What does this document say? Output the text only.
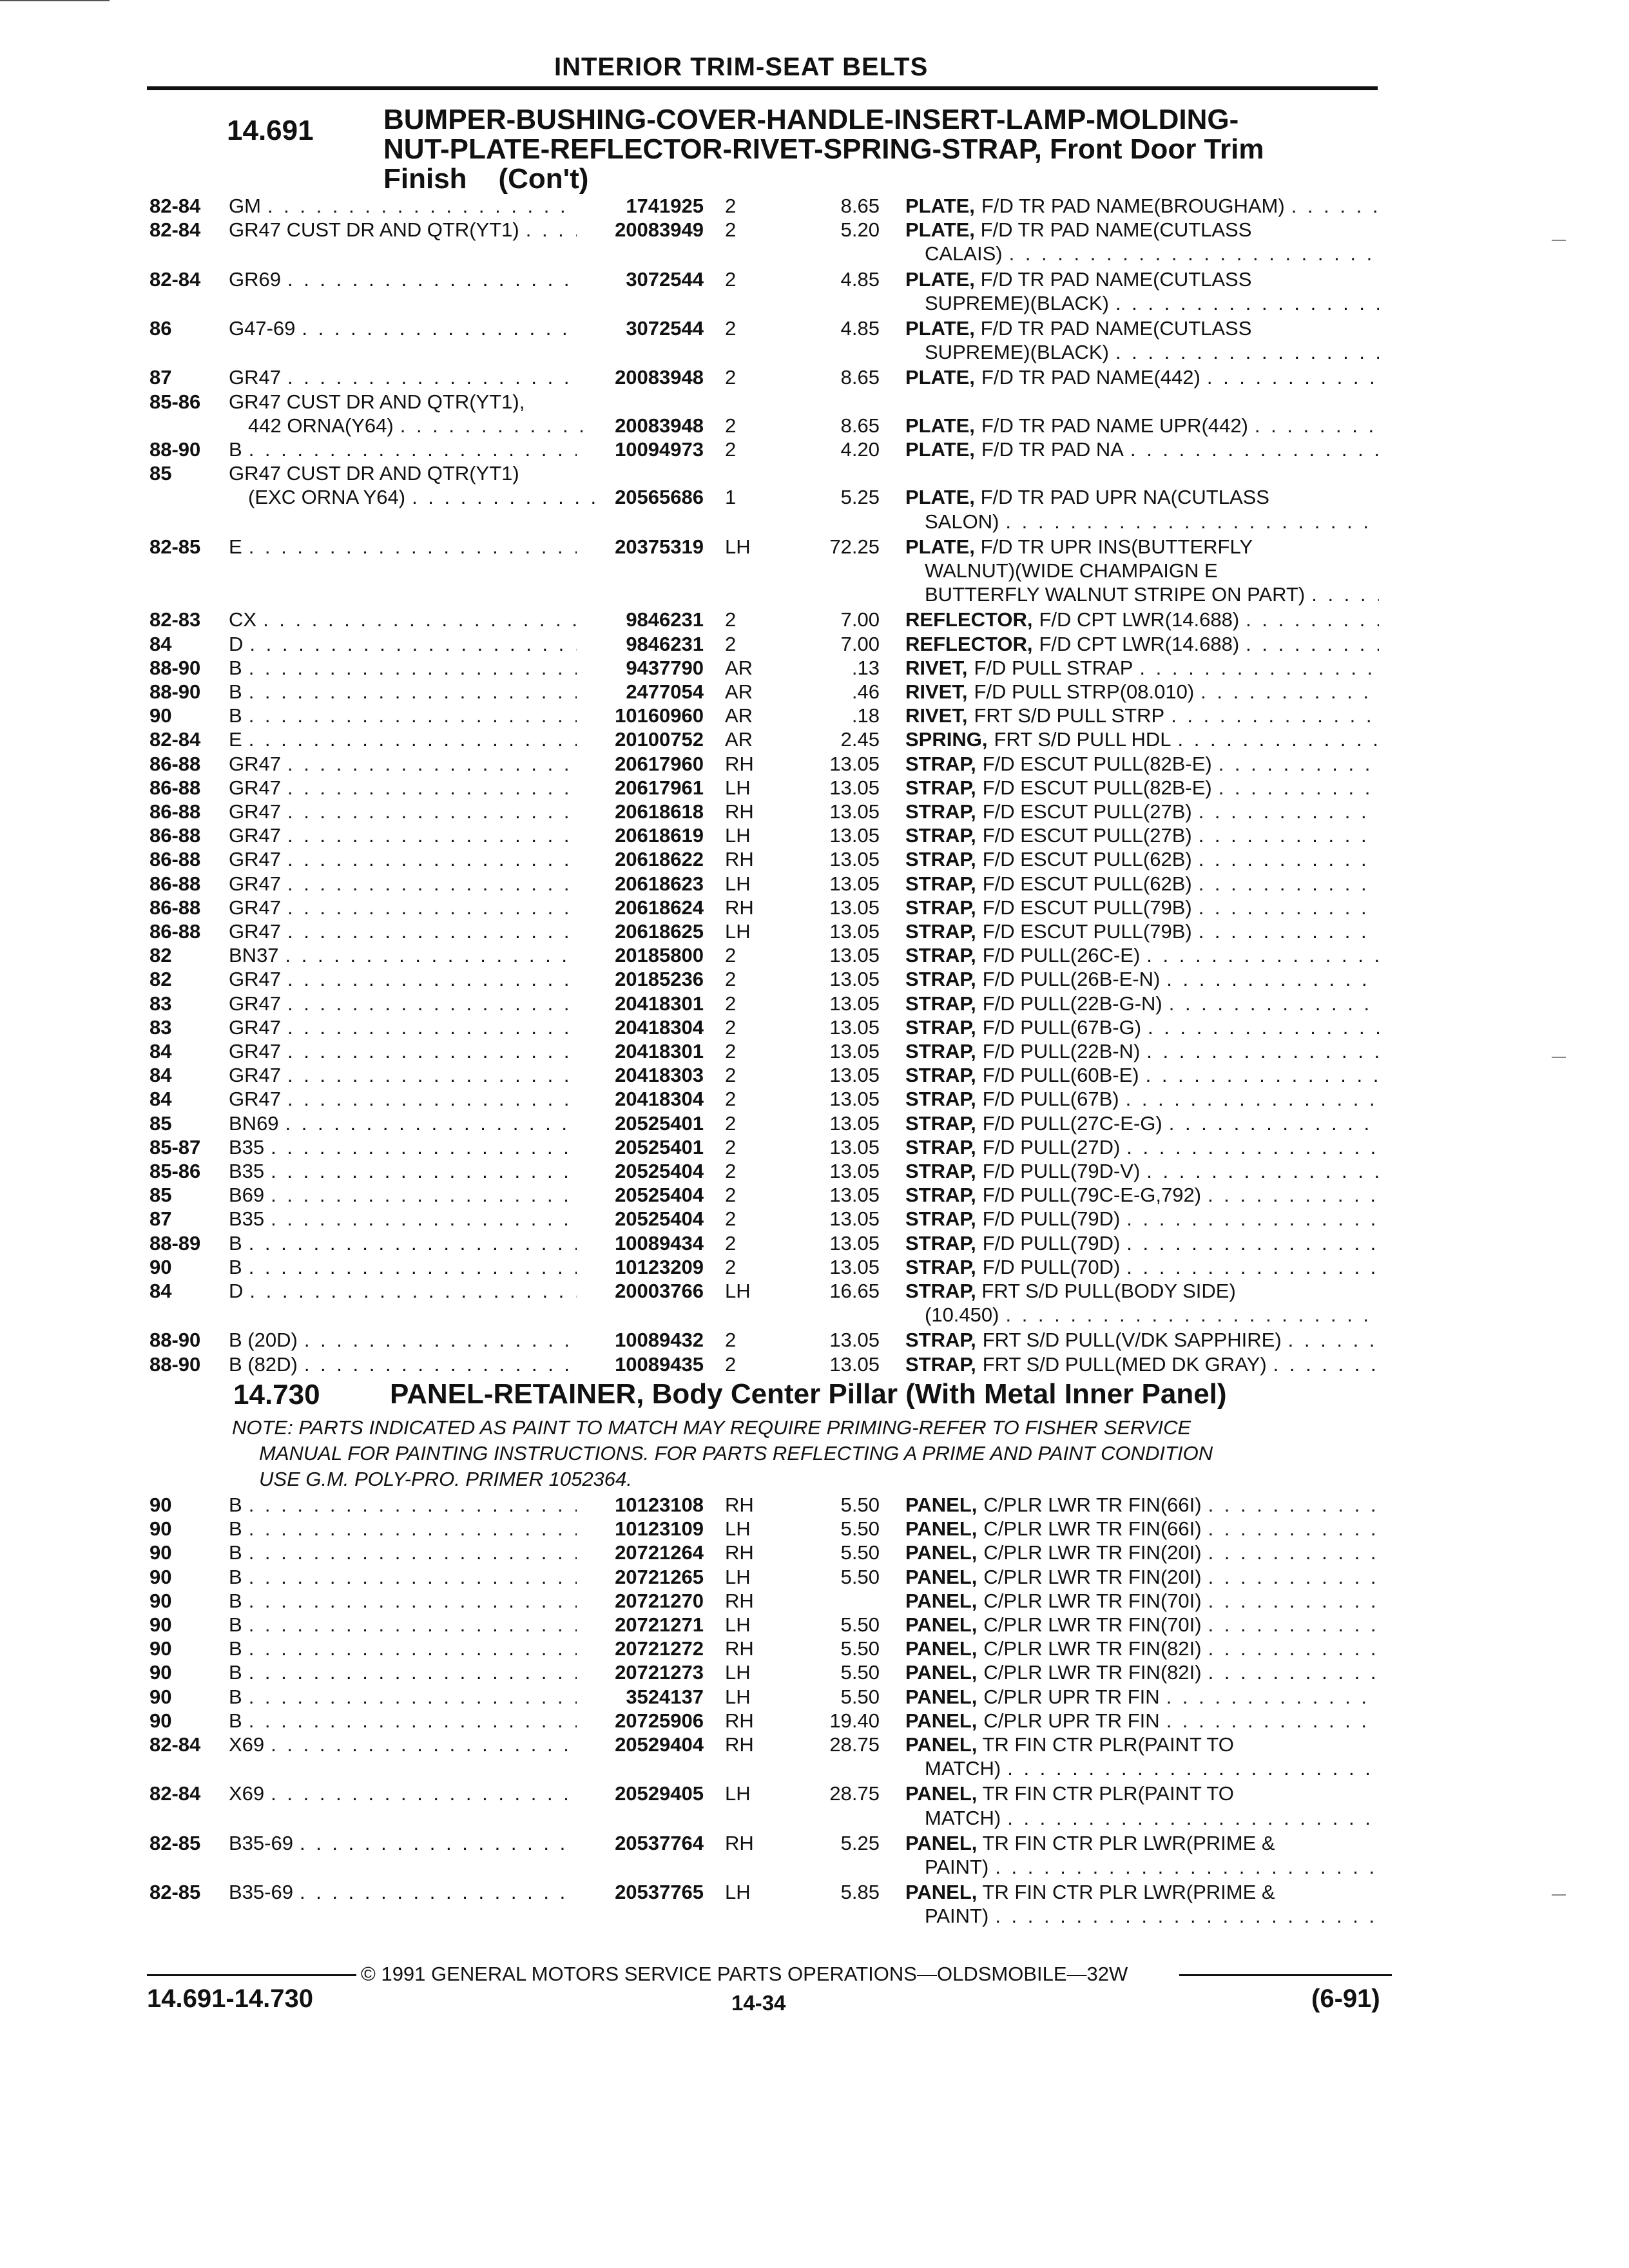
INTERIOR TRIM-SEAT BELTS
14.691 BUMPER-BUSHING-COVER-HANDLE-INSERT-LAMP-MOLDING-
NUT-PLATE-REFLECTOR-RIVET-SPRING-STRAP, Front Door Trim
Finish    (Con't)
82-84	GM . . .	1741925 2	8.65 PLATE, F/D TR PAD NAME(BROUGHAM)
. . .
82-84	GR47 CUST DR AND QTR(YT1) . . .	20083949 2	5.20 PLATE, F/D TR PAD NAME(CUTLASS
CALAIS)
. . .
82-84	GR69 . . .	3072544 2	4.85 PLATE, F/D TR PAD NAME(CUTLASS
SUPREME)(BLACK)
. . .
86	G47-69 . . .	3072544 2	4.85 PLATE, F/D TR PAD NAME(CUTLASS
SUPREME)(BLACK)
. . .
87	GR47 . . .	20083948 2	8.65 PLATE, F/D TR PAD NAME(442)
. . .
85-86	GR47 CUST DR AND QTR(YT1),
442 ORNA(Y64) . . .	20083948 2	8.65 PLATE, F/D TR PAD NAME UPR(442)
. . .
88-90	B . . .	10094973 2	4.20 PLATE, F/D TR PAD NA
. . .
85	GR47 CUST DR AND QTR(YT1)
(EXC ORNA Y64) . . .	20565686 1	5.25 PLATE, F/D TR PAD UPR NA(CUTLASS
SALON)
. . .
82-85	E . . .	20375319 LH	72.25 PLATE, F/D TR UPR INS(BUTTERFLY
WALNUT)(WIDE CHAMPAIGN E
BUTTERFLY WALNUT STRIPE ON PART)
. . .
82-83	CX . . .	9846231 2	7.00 REFLECTOR, F/D CPT LWR(14.688)
. . .
84	D . . .	9846231 2	7.00 REFLECTOR, F/D CPT LWR(14.688)
. . .
88-90	B . . .	9437790 AR	.13 RIVET, F/D PULL STRAP
. . .
88-90	B . . .	2477054 AR	.46 RIVET, F/D PULL STRP(08.010)
. . .
90	B . . .	10160960 AR	.18 RIVET, FRT S/D PULL STRP
. . .
82-84	E . . .	20100752 AR	2.45 SPRING, FRT S/D PULL HDL
. . .
86-88	GR47 . . .	20617960 RH	13.05 STRAP, F/D ESCUT PULL(82B-E)
. . .
86-88	GR47 . . .	20617961 LH	13.05 STRAP, F/D ESCUT PULL(82B-E)
. . .
86-88	GR47 . . .	20618618 RH	13.05 STRAP, F/D ESCUT PULL(27B)
. . .
86-88	GR47 . . .	20618619 LH	13.05 STRAP, F/D ESCUT PULL(27B)
. . .
86-88	GR47 . . .	20618622 RH	13.05 STRAP, F/D ESCUT PULL(62B)
. . .
86-88	GR47 . . .	20618623 LH	13.05 STRAP, F/D ESCUT PULL(62B)
. . .
86-88	GR47 . . .	20618624 RH	13.05 STRAP, F/D ESCUT PULL(79B)
. . .
86-88	GR47 . . .	20618625 LH	13.05 STRAP, F/D ESCUT PULL(79B)
. . .
82	BN37 . . .	20185800 2	13.05 STRAP, F/D PULL(26C-E)
. . .
82	GR47 . . .	20185236 2	13.05 STRAP, F/D PULL(26B-E-N)
. . .
83	GR47 . . .	20418301 2	13.05 STRAP, F/D PULL(22B-G-N)
. . .
83	GR47 . . .	20418304 2	13.05 STRAP, F/D PULL(67B-G)
. . .
84	GR47 . . .	20418301 2	13.05 STRAP, F/D PULL(22B-N)
. . .
84	GR47 . . .	20418303 2	13.05 STRAP, F/D PULL(60B-E)
. . .
84	GR47 . . .	20418304 2	13.05 STRAP, F/D PULL(67B)
. . .
85	BN69 . . .	20525401 2	13.05 STRAP, F/D PULL(27C-E-G)
. . .
85-87	B35 . . .	20525401 2	13.05 STRAP, F/D PULL(27D)
. . .
85-86	B35 . . .	20525404 2	13.05 STRAP, F/D PULL(79D-V)
. . .
85	B69 . . .	20525404 2	13.05 STRAP, F/D PULL(79C-E-G,792)
. . .
87	B35 . . .	20525404 2	13.05 STRAP, F/D PULL(79D)
. . .
88-89	B . . .	10089434 2	13.05 STRAP, F/D PULL(79D)
. . .
90	B . . .	10123209 2	13.05 STRAP, F/D PULL(70D)
. . .
84	D . . .	20003766 LH	16.65 STRAP, FRT S/D PULL(BODY SIDE)
(10.450)
. . .
88-90	B (20D) . . .	10089432 2	13.05 STRAP, FRT S/D PULL(V/DK SAPPHIRE)
. . .
88-90	B (82D) . . .	10089435 2	13.05 STRAP, FRT S/D PULL(MED DK GRAY)
. . .
14.730 PANEL-RETAINER, Body Center Pillar (With Metal Inner Panel)
NOTE: PARTS INDICATED AS PAINT TO MATCH MAY REQUIRE PRIMING-REFER TO FISHER SERVICE
MANUAL FOR PAINTING INSTRUCTIONS. FOR PARTS REFLECTING A PRIME AND PAINT CONDITION
USE G.M. POLY-PRO. PRIMER 1052364.
90	B . . .	10123108 RH	5.50 PANEL, C/PLR LWR TR FIN(66I)
. . .
90	B . . .	10123109 LH	5.50 PANEL, C/PLR LWR TR FIN(66I)
. . .
90	B . . .	20721264 RH	5.50 PANEL, C/PLR LWR TR FIN(20I)
. . .
90	B . . .	20721265 LH	5.50 PANEL, C/PLR LWR TR FIN(20I)
. . .
90	B . . .	20721270 RH	PANEL, C/PLR LWR TR FIN(70I)
. . .
90	B . . .	20721271 LH	5.50 PANEL, C/PLR LWR TR FIN(70I)
. . .
90	B . . .	20721272 RH	5.50 PANEL, C/PLR LWR TR FIN(82I)
. . .
90	B . . .	20721273 LH	5.50 PANEL, C/PLR LWR TR FIN(82I)
. . .
90	B . . .	3524137 LH	5.50 PANEL, C/PLR UPR TR FIN
. . .
90	B . . .	20725906 RH	19.40 PANEL, C/PLR UPR TR FIN
. . .
82-84	X69 . . .	20529404 RH	28.75 PANEL, TR FIN CTR PLR(PAINT TO
MATCH)
. . .
82-84	X69 . . .	20529405 LH	28.75 PANEL, TR FIN CTR PLR(PAINT TO
MATCH)
. . .
82-85	B35-69 . . .	20537764 RH	5.25 PANEL, TR FIN CTR PLR LWR(PRIME &
PAINT)
. . .
82-85	B35-69 . . .	20537765 LH	5.85 PANEL, TR FIN CTR PLR LWR(PRIME &
PAINT)
. . .
© 1991 GENERAL MOTORS SERVICE PARTS OPERATIONS—OLDSMOBILE—32W
14.691-14.730	14-34	(6-91)
